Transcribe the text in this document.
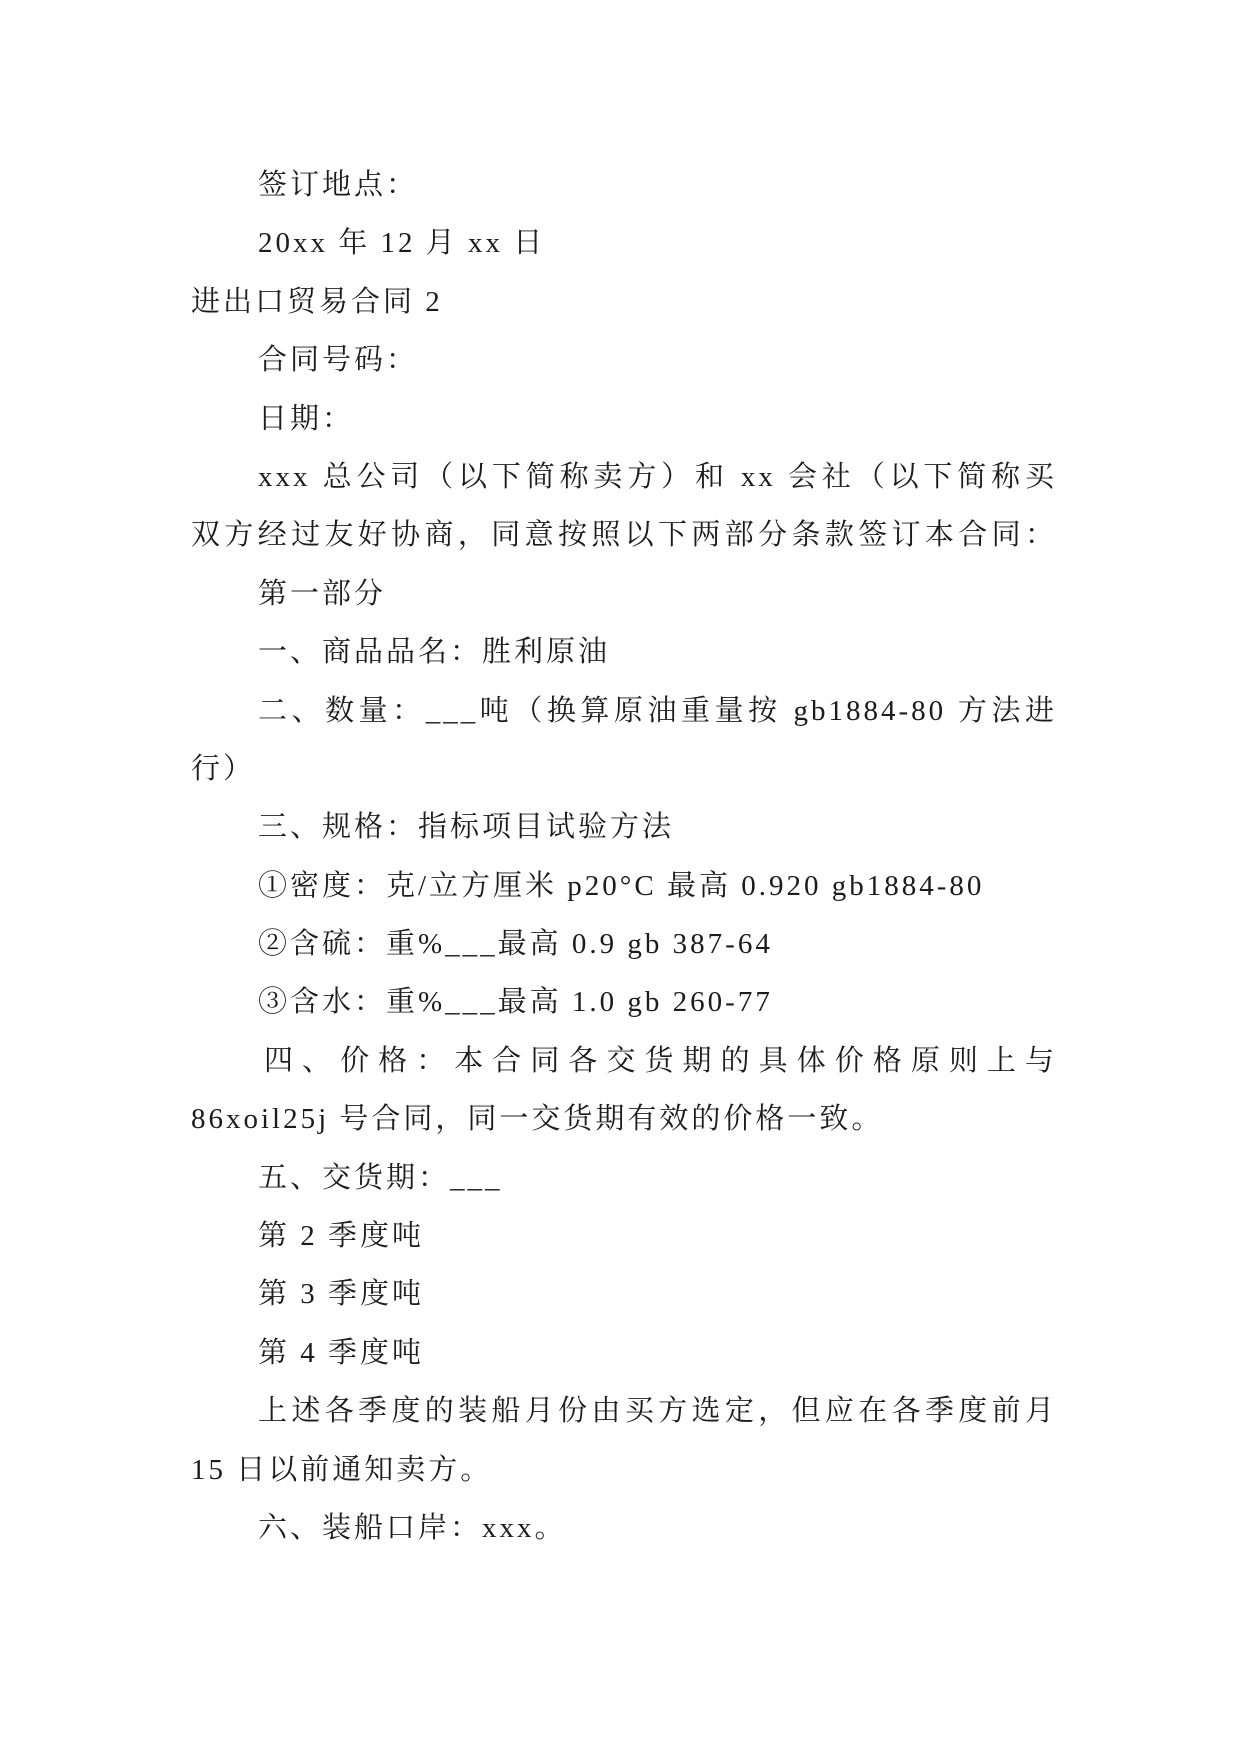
签订地点：
20xx 年 12 月 xx 日
进出口贸易合同 2
合同号码：
日期：
xxx 总公司（以下简称卖方）和 xx 会社（以下简称买
双方经过友好协商，同意按照以下两部分条款签订本合同：
第一部分
一、商品品名：胜利原油
二、数量：___吨（换算原油重量按 gb1884-80 方法进
行）
三、规格：指标项目试验方法
①密度：克/立方厘米 p20°C 最高 0.920 gb1884-80
②含硫：重%___最高 0.9 gb 387-64
③含水：重%___最高 1.0 gb 260-77
四、价格：本合同各交货期的具体价格原则上与
86xoil25j 号合同，同一交货期有效的价格一致。
五、交货期：___
第 2 季度吨
第 3 季度吨
第 4 季度吨
上述各季度的装船月份由买方选定，但应在各季度前月
15 日以前通知卖方。
六、装船口岸：xxx。
